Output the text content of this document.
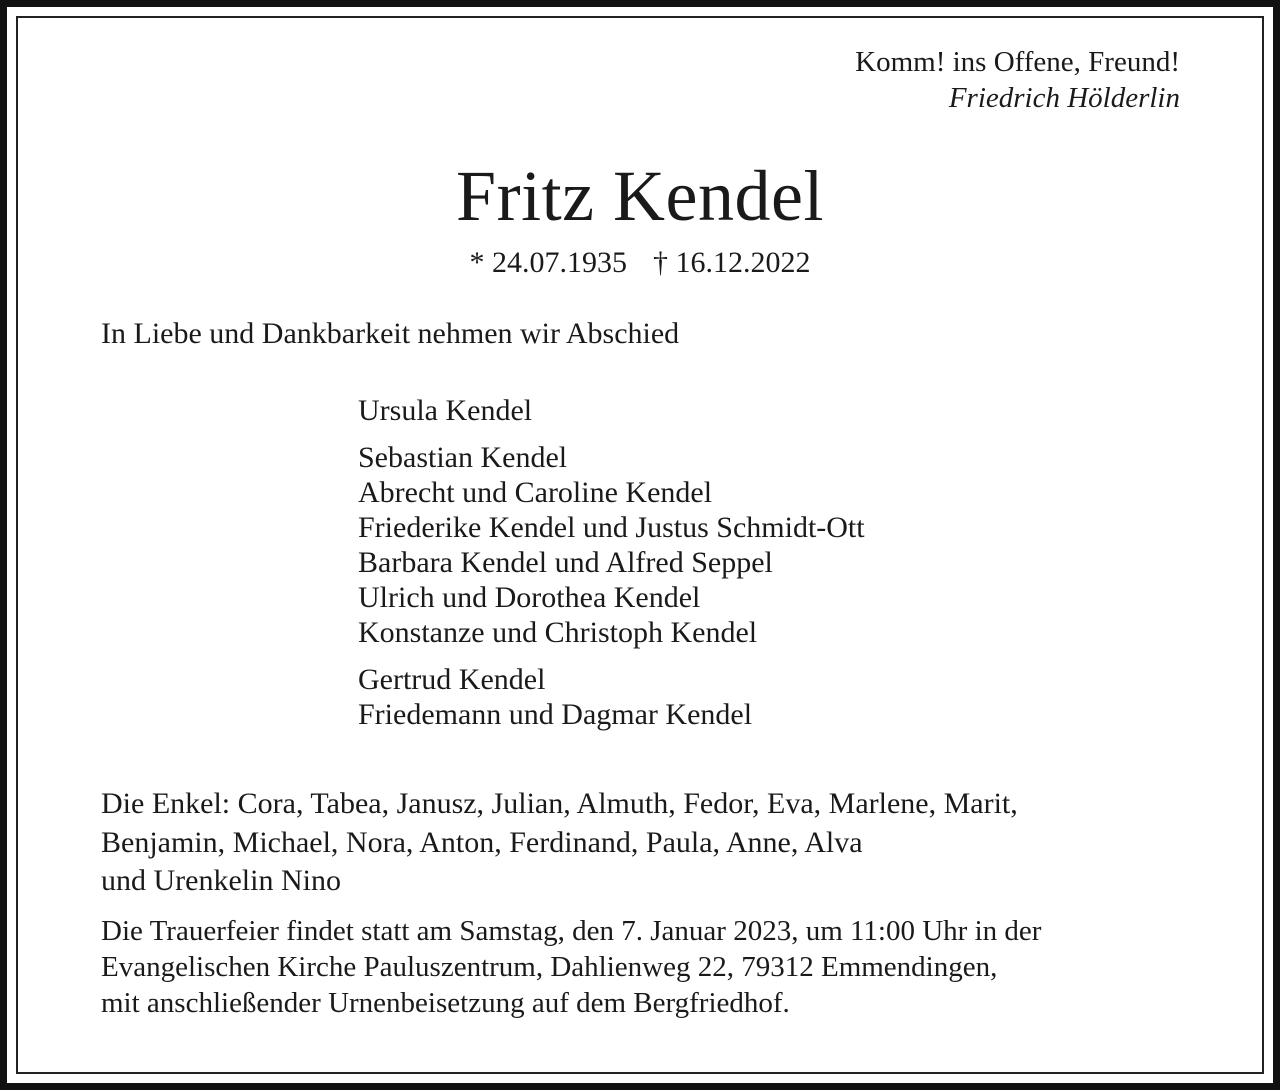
Komm! ins Offene, Freund!
Friedrich Hölderlin
Fritz Kendel
* 24.07.1935 † 16.12.2022
In Liebe und Dankbarkeit nehmen wir Abschied
Ursula Kendel
Sebastian Kendel
Abrecht und Caroline Kendel
Friederike Kendel und Justus Schmidt-Ott
Barbara Kendel und Alfred Seppel
Ulrich und Dorothea Kendel
Konstanze und Christoph Kendel
Gertrud Kendel
Friedemann und Dagmar Kendel
Die Enkel: Cora, Tabea, Janusz, Julian, Almuth, Fedor, Eva, Marlene, Marit,
Benjamin, Michael, Nora, Anton, Ferdinand, Paula, Anne, Alva
und Urenkelin Nino
Die Trauerfeier findet statt am Samstag, den 7. Januar 2023, um 11:00 Uhr in der
Evangelischen Kirche Pauluszentrum, Dahlienweg 22, 79312 Emmendingen,
mit anschließender Urnenbeisetzung auf dem Bergfriedhof.
